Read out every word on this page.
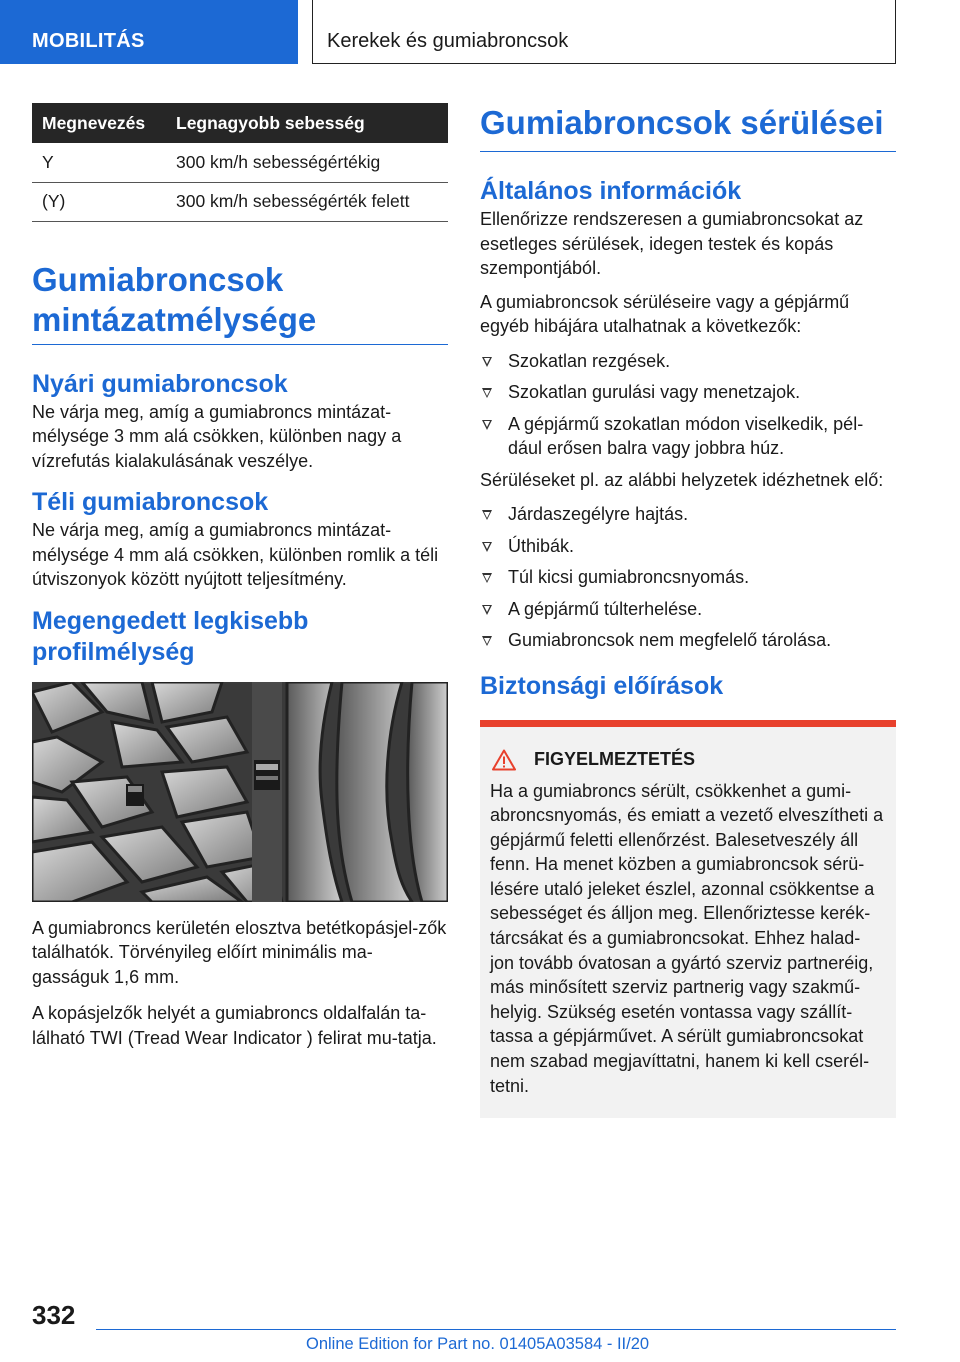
MOBILITÁS	Kerekek és gumiabroncsok
Megnevezés	Legnagyobb sebesség
Y	300 km/h sebességértékig
(Y)	300 km/h sebességérték felett
Gumiabroncsok mintázatmélysége
Nyári gumiabroncsok

Ne várja meg, amíg a gumiabroncs mintázat-mélysége 3 mm alá csökken, különben nagy a vízrefutás kialakulásának veszélye.

Téli gumiabroncsok

Ne várja meg, amíg a gumiabroncs mintázat-mélysége 4 mm alá csökken, különben romlik a téli útviszonyok között nyújtott teljesítmény.

Megengedett legkisebb profilmélység

A gumiabroncs kerületén elosztva betétkopásjel-zők találhatók. Törvényileg előírt minimális ma-gasságuk 1,6 mm.

A kopásjelzők helyét a gumiabroncs oldalfalán ta-lálható TWI (Tread Wear Indicator ) felirat mu-tatja.

Gumiabroncsok sérülései
Általános információk

Ellenőrizze rendszeresen a gumiabroncsokat az esetleges sérülések, idegen testek és kopás szempontjából.

A gumiabroncsok sérüléseire vagy a gépjármű egyéb hibájára utalhatnak a következők:

Szokatlan rezgések.
Szokatlan gurulási vagy menetzajok.
A gépjármű szokatlan módon viselkedik, pél-dául erősen balra vagy jobbra húz.

Sérüléseket pl. az alábbi helyzetek idézhetnek elő:

Járdaszegélyre hajtás.
Úthibák.
Túl kicsi gumiabroncsnyomás.
A gépjármű túlterhelése.
Gumiabroncsok nem megfelelő tárolása.
Biztonsági előírások
FIGYELMEZTETÉS

Ha a gumiabroncs sérült, csökkenhet a gumi-abroncsnyomás, és emiatt a vezető elveszítheti a gépjármű feletti ellenőrzést. Balesetveszély áll fenn. Ha menet közben a gumiabroncsok sérü-lésére utaló jeleket észlel, azonnal csökkentse a sebességet és álljon meg. Ellenőriztesse kerék-tárcsákat és a gumiabroncsokat. Ehhez halad-jon tovább óvatosan a gyártó szerviz partneréig, más minősített szerviz partnerig vagy szakmű-helyig. Szükség esetén vontassa vagy szállít-tassa a gépjárművet. A sérült gumiabroncsokat nem szabad megjavíttatni, hanem ki kell cserél-tetni.

332
Online Edition for Part no. 01405A03584 - II/20
